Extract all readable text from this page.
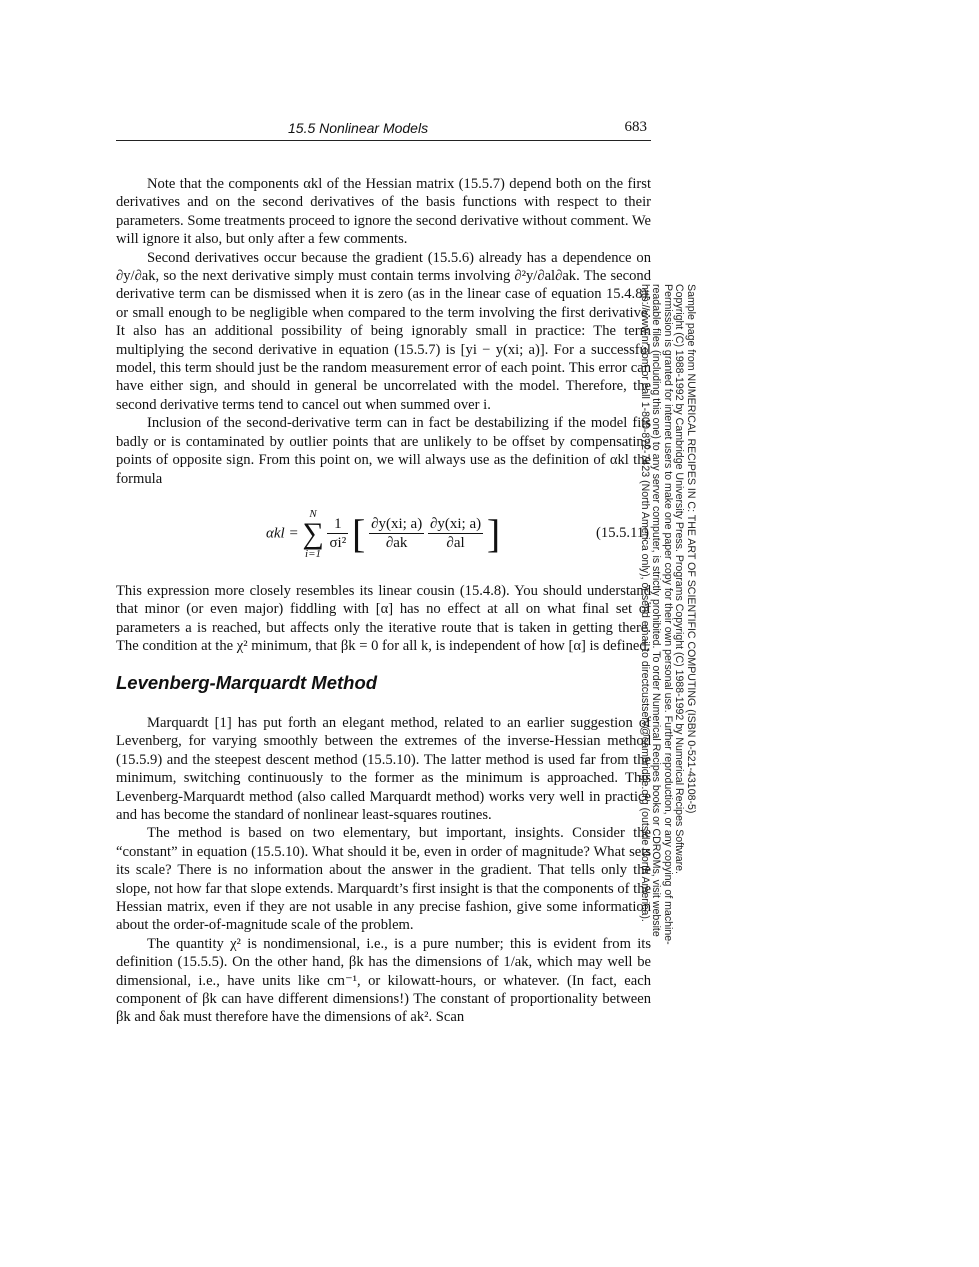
15.5 Nonlinear Models	683

Note that the components αkl of the Hessian matrix (15.5.7) depend both on the first derivatives and on the second derivatives of the basis functions with respect to their parameters. Some treatments proceed to ignore the second derivative without comment. We will ignore it also, but only after a few comments.

Second derivatives occur because the gradient (15.5.6) already has a dependence on ∂y/∂ak, so the next derivative simply must contain terms involving ∂²y/∂al∂ak. The second derivative term can be dismissed when it is zero (as in the linear case of equation 15.4.8), or small enough to be negligible when compared to the term involving the first derivative. It also has an additional possibility of being ignorably small in practice: The term multiplying the second derivative in equation (15.5.7) is [yi − y(xi; a)]. For a successful model, this term should just be the random measurement error of each point. This error can have either sign, and should in general be uncorrelated with the model. Therefore, the second derivative terms tend to cancel out when summed over i.

Inclusion of the second-derivative term can in fact be destabilizing if the model fits badly or is contaminated by outlier points that are unlikely to be offset by compensating points of opposite sign. From this point on, we will always use as the definition of αkl the formula

αkl =
N
∑
i=1

$\frac{1}{\text{σi²}}$ [ $\frac{\partial y(xi; a)}{\partial ak}$
$\frac{\partial y(xi; a)}{\partial al}$ ]	(15.5.11)

This expression more closely resembles its linear cousin (15.4.8). You should understand that minor (or even major) fiddling with [α] has no effect at all on what final set of parameters a is reached, but affects only the iterative route that is taken in getting there. The condition at the χ² minimum, that βk = 0 for all k, is independent of how [α] is defined.

Levenberg-Marquardt Method

Marquardt [1] has put forth an elegant method, related to an earlier suggestion of Levenberg, for varying smoothly between the extremes of the inverse-Hessian method (15.5.9) and the steepest descent method (15.5.10). The latter method is used far from the minimum, switching continuously to the former as the minimum is approached. This Levenberg-Marquardt method (also called Marquardt method) works very well in practice and has become the standard of nonlinear least-squares routines.

The method is based on two elementary, but important, insights. Consider the “constant” in equation (15.5.10). What should it be, even in order of magnitude? What sets its scale? There is no information about the answer in the gradient. That tells only the slope, not how far that slope extends. Marquardt’s first insight is that the components of the Hessian matrix, even if they are not usable in any precise fashion, give some information about the order-of-magnitude scale of the problem.

The quantity χ² is nondimensional, i.e., is a pure number; this is evident from its definition (15.5.5). On the other hand, βk has the dimensions of 1/ak, which may well be dimensional, i.e., have units like cm⁻¹, or kilowatt-hours, or whatever. (In fact, each component of βk can have different dimensions!) The constant of proportionality between βk and δak must therefore have the dimensions of ak². Scan

Sample page from NUMERICAL RECIPES IN C: THE ART OF SCIENTIFIC COMPUTING (ISBN 0-521-43108-5)
Copyright (C) 1988-1992 by Cambridge University Press. Programs Copyright (C) 1988-1992 by Numerical Recipes Software.
Permission is granted for internet users to make one paper copy for their own personal use. Further reproduction, or any copying of machine-
readable files (including this one) to any server computer, is strictly prohibited. To order Numerical Recipes books or CDROMs, visit website
http://www.nr.com or call 1-800-872-7423 (North America only), or send email to directcustserv@cambridge.org (outside North America).
